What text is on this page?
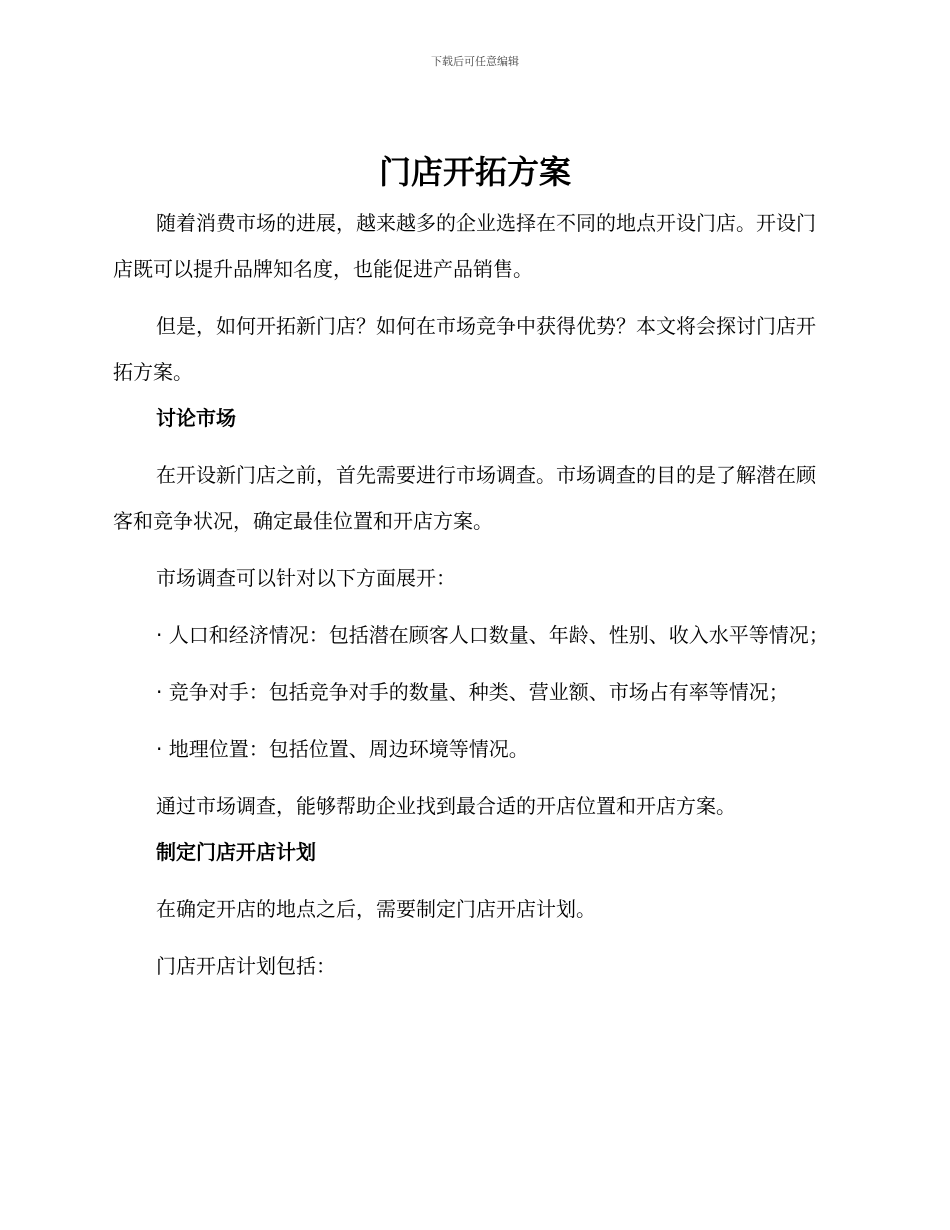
下载后可任意编辑
门店开拓方案

随着消费市场的进展，越来越多的企业选择在不同的地点开设门店。开设门店既可以提升品牌知名度，也能促进产品销售。

但是，如何开拓新门店？如何在市场竞争中获得优势？本文将会探讨门店开拓方案。

讨论市场

在开设新门店之前，首先需要进行市场调查。市场调查的目的是了解潜在顾客和竞争状况，确定最佳位置和开店方案。

市场调查可以针对以下方面展开：

· 人口和经济情况：包括潜在顾客人口数量、年龄、性别、收入水平等情况；

· 竞争对手：包括竞争对手的数量、种类、营业额、市场占有率等情况；

· 地理位置：包括位置、周边环境等情况。

通过市场调查，能够帮助企业找到最合适的开店位置和开店方案。

制定门店开店计划

在确定开店的地点之后，需要制定门店开店计划。

门店开店计划包括：
